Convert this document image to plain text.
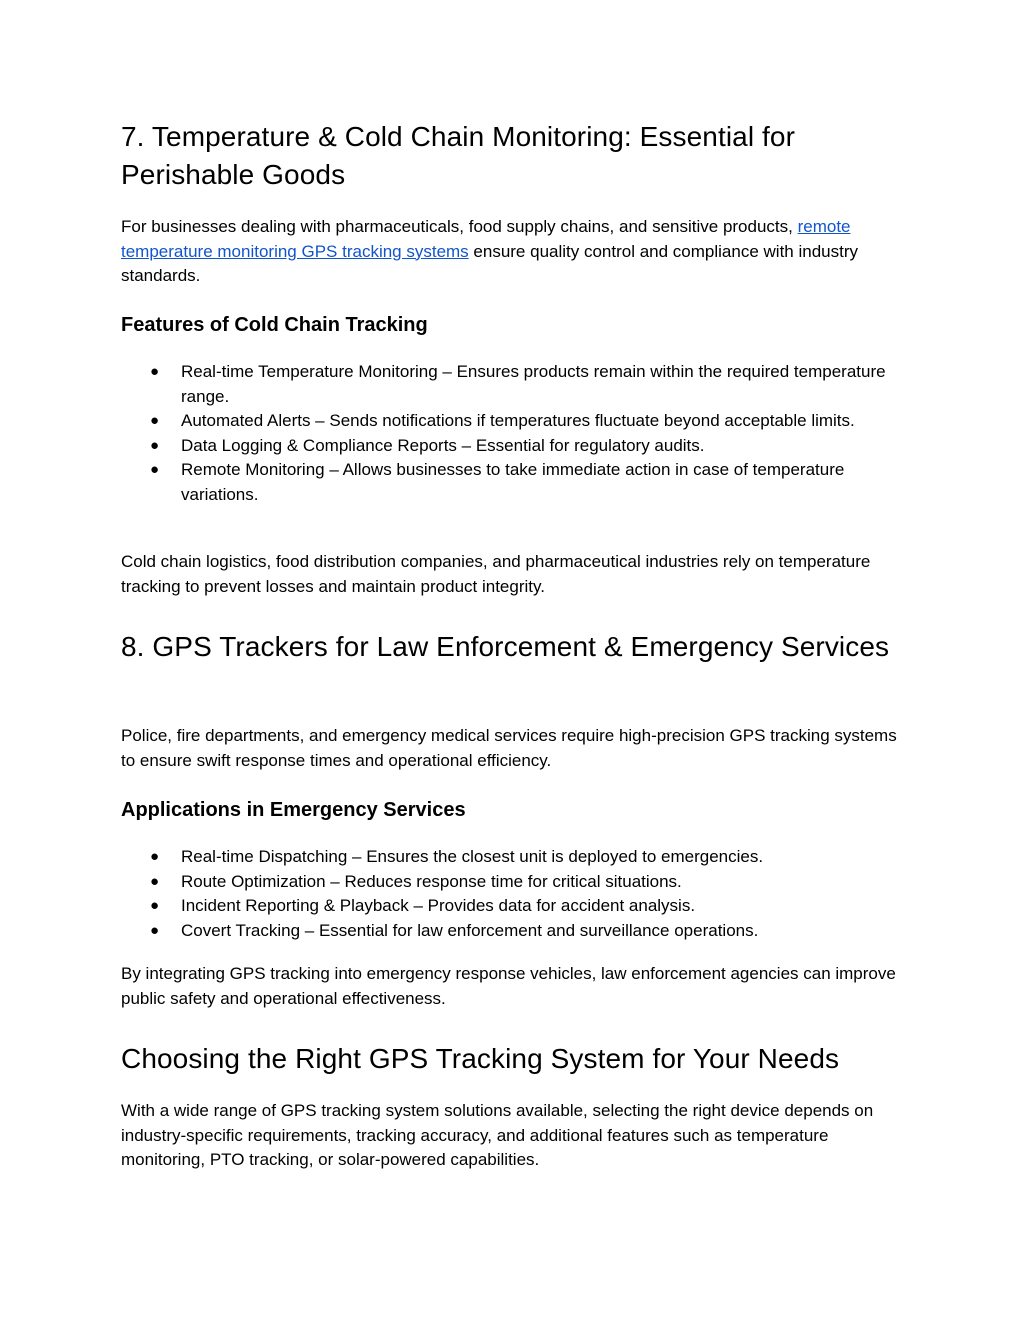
7. Temperature & Cold Chain Monitoring: Essential for Perishable Goods

For businesses dealing with pharmaceuticals, food supply chains, and sensitive products, remote temperature monitoring GPS tracking systems ensure quality control and compliance with industry standards.

Features of Cold Chain Tracking
● Real-time Temperature Monitoring – Ensures products remain within the required temperature range.
● Automated Alerts – Sends notifications if temperatures fluctuate beyond acceptable limits.
● Data Logging & Compliance Reports – Essential for regulatory audits.
● Remote Monitoring – Allows businesses to take immediate action in case of temperature variations.

Cold chain logistics, food distribution companies, and pharmaceutical industries rely on temperature tracking to prevent losses and maintain product integrity.

8. GPS Trackers for Law Enforcement & Emergency Services

Police, fire departments, and emergency medical services require high-precision GPS tracking systems to ensure swift response times and operational efficiency.

Applications in Emergency Services
● Real-time Dispatching – Ensures the closest unit is deployed to emergencies.
● Route Optimization – Reduces response time for critical situations.
● Incident Reporting & Playback – Provides data for accident analysis.
● Covert Tracking – Essential for law enforcement and surveillance operations.

By integrating GPS tracking into emergency response vehicles, law enforcement agencies can improve public safety and operational effectiveness.

Choosing the Right GPS Tracking System for Your Needs

With a wide range of GPS tracking system solutions available, selecting the right device depends on industry-specific requirements, tracking accuracy, and additional features such as temperature monitoring, PTO tracking, or solar-powered capabilities.
